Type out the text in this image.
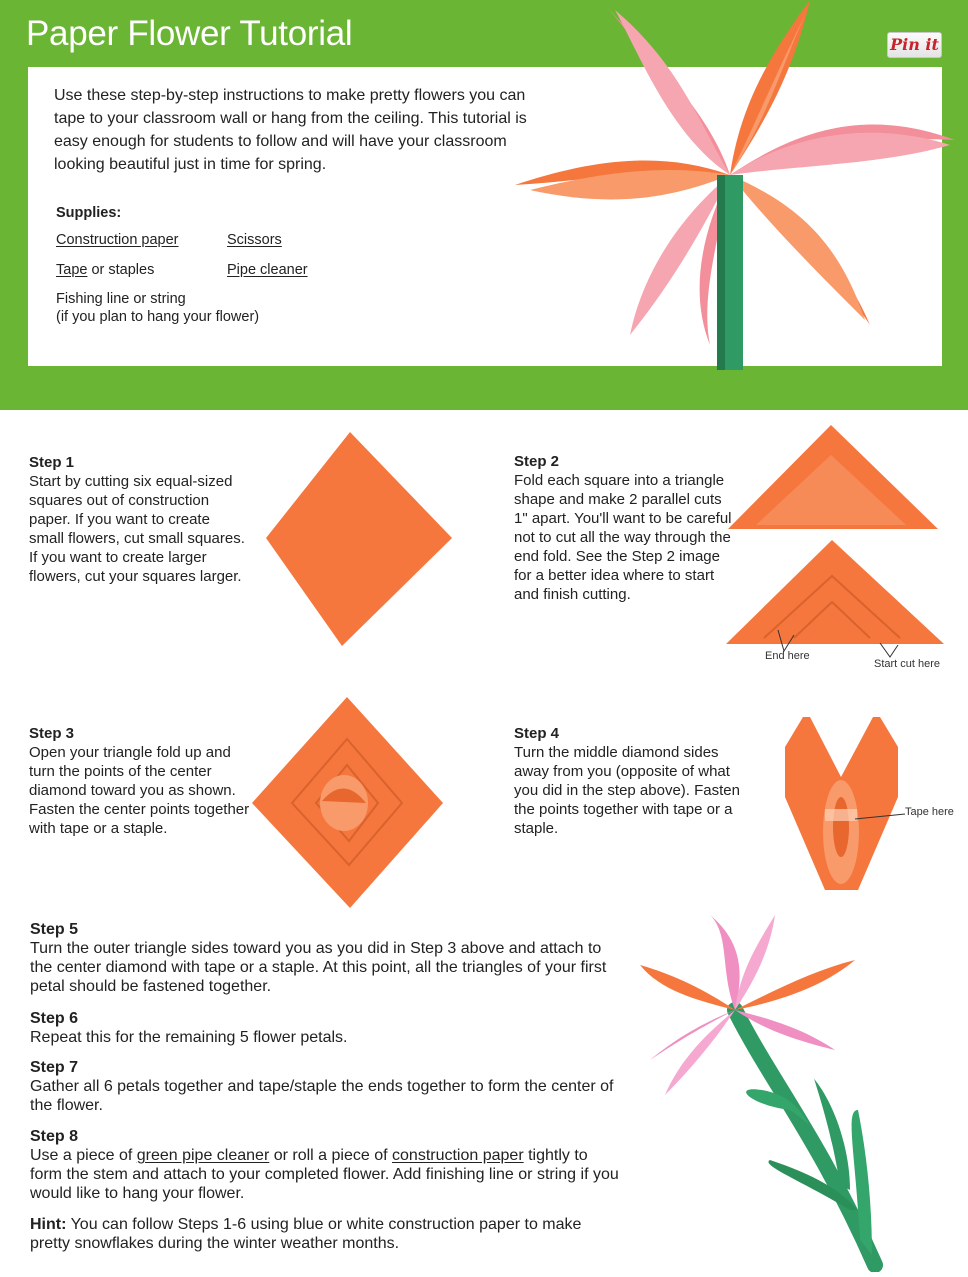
Paper Flower Tutorial	Pin it
Use these step-by-step instructions to make pretty flowers you can tape to your classroom wall or hang from the ceiling. This tutorial is easy enough for students to follow and will have your classroom looking beautiful just in time for spring.
Supplies:
Construction paper	Scissors
Tape or staples	Pipe cleaner
Fishing line or string
(if you plan to hang your flower)
Step 1
Start by cutting six equal-sized squares out of construction paper. If you want to create small flowers, cut small squares. If you want to create larger flowers, cut your squares larger.
Step 2
Fold each square into a triangle shape and make 2 parallel cuts 1" apart. You'll want to be careful not to cut all the way through the end fold. See the Step 2 image for a better idea where to start and finish cutting.
End here
Start cut here
Step 3
Open your triangle fold up and turn the points of the center diamond toward you as shown. Fasten the center points together with tape or a staple.
Step 4
Turn the middle diamond sides away from you (opposite of what you did in the step above). Fasten the points together with tape or a staple.
Tape here
Step 5
Turn the outer triangle sides toward you as you did in Step 3 above and attach to the center diamond with tape or a staple. At this point, all the triangles of your first petal should be fastened together.
Step 6
Repeat this for the remaining 5 flower petals.
Step 7
Gather all 6 petals together and tape/staple the ends together to form the center of the flower.
Step 8
Use a piece of green pipe cleaner or roll a piece of construction paper tightly to form the stem and attach to your completed flower. Add finishing line or string if you would like to hang your flower.
Hint: You can follow Steps 1-6 using blue or white construction paper to make pretty snowflakes during the winter weather months.
